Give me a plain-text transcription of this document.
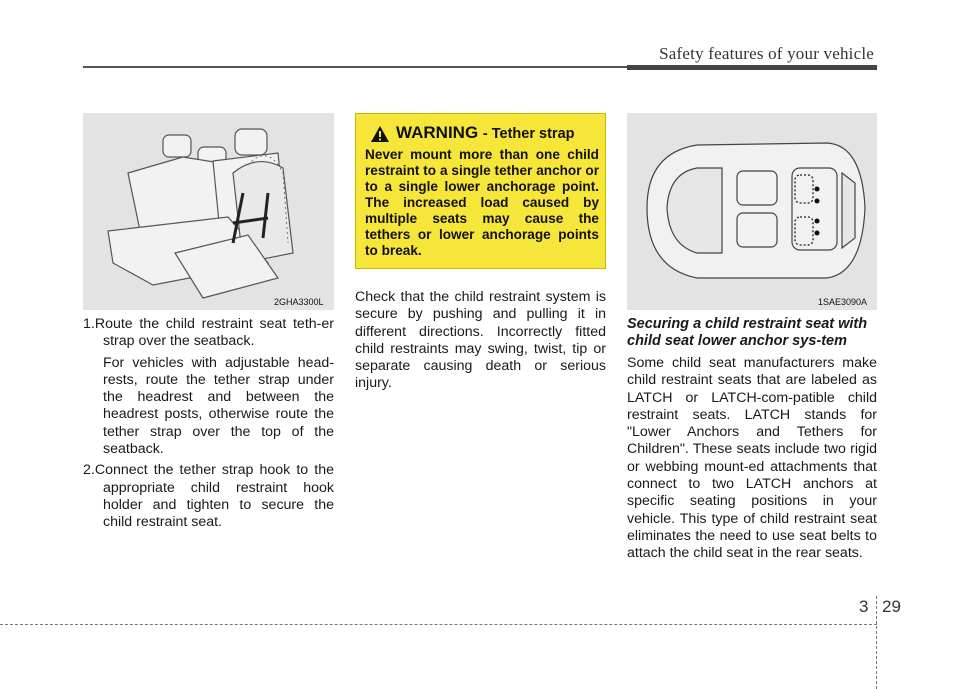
Safety features of your vehicle
2GHA3300L
1.Route the child restraint seat teth-er strap over the seatback.

For vehicles with adjustable head-rests, route the tether strap under the headrest and between the headrest posts, otherwise route the tether strap over the top of the seatback.

2.Connect the tether strap hook to the appropriate child restraint hook holder and tighten to secure the child restraint seat.
WARNING - Tether strap
Never mount more than one child restraint to a single tether anchor or to a single lower anchorage point. The increased load caused by multiple seats may cause the tethers or lower anchorage points to break.

Check that the child restraint system is secure by pushing and pulling it in different directions. Incorrectly fitted child restraints may swing, twist, tip or separate causing death or serious injury.

1SAE3090A

Securing a child restraint seat with child seat lower anchor sys-tem

Some child seat manufacturers make child restraint seats that are labeled as LATCH or LATCH-com-patible child restraint seats. LATCH stands for "Lower Anchors and Tethers for Children". These seats include two rigid or webbing mount-ed attachments that connect to two LATCH anchors at specific seating positions in your vehicle. This type of child restraint seat eliminates the need to use seat belts to attach the child seat in the rear seats.

3 29
